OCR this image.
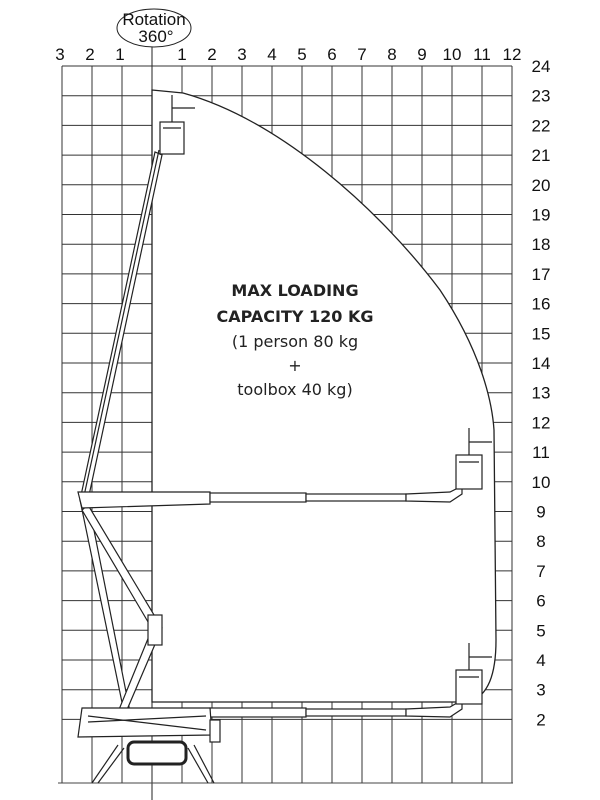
Rotation
360°
3 2 1	1 2 3 4 5 6 7 8 9 10 11 12
24
23
22
21
20
19
18
17
16
15
14
13
12
11
10
9
8
7
6
5
4
3
2
MAX LOADING
CAPACITY 120 KG
(1 person 80 kg
+
toolbox 40 kg)
